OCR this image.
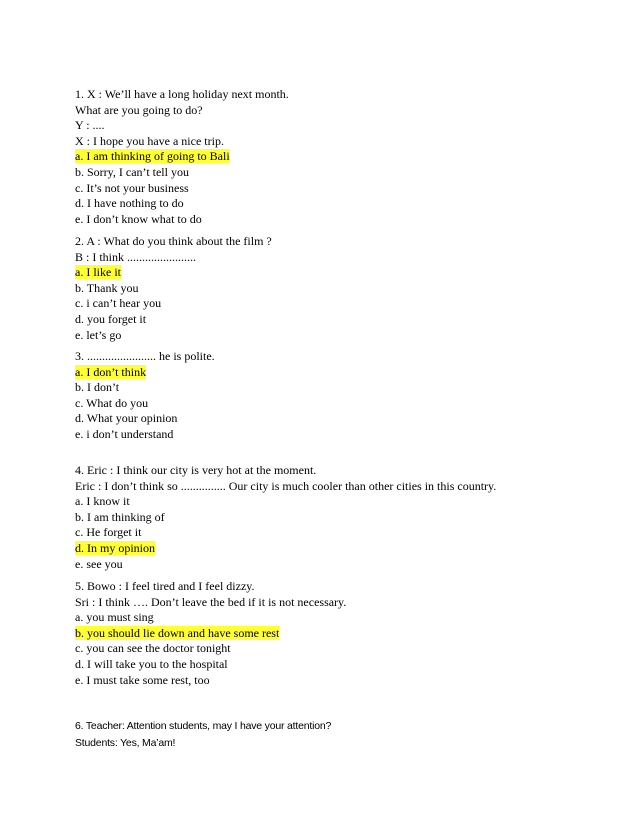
1. X : We’ll have a long holiday next month.
What are you going to do?
Y : ....
X : I hope you have a nice trip.
a. I am thinking of going to Bali
b. Sorry, I can’t tell you
c. It’s not your business
d. I have nothing to do
e. I don’t know what to do
2. A : What do you think about the film ?
B : I think .......................
a. I like it
b. Thank you
c. i can’t hear you
d. you forget it
e. let’s go
3. ....................... he is polite.
a. I don’t think
b. I don’t
c. What do you
d. What your opinion
e. i don’t understand
4. Eric : I think our city is very hot at the moment.
Eric : I don’t think so ............... Our city is much cooler than other cities in this country.
a. I know it
b. I am thinking of
c. He forget it
d. In my opinion
e. see you
5. Bowo : I feel tired and I feel dizzy.
Sri : I think …. Don’t leave the bed if it is not necessary.
a. you must sing
b. you should lie down and have some rest
c. you can see the doctor tonight
d. I will take you to the hospital
e. I must take some rest, too
6. Teacher: Attention students, may I have your attention?
Students: Yes, Ma’am!
